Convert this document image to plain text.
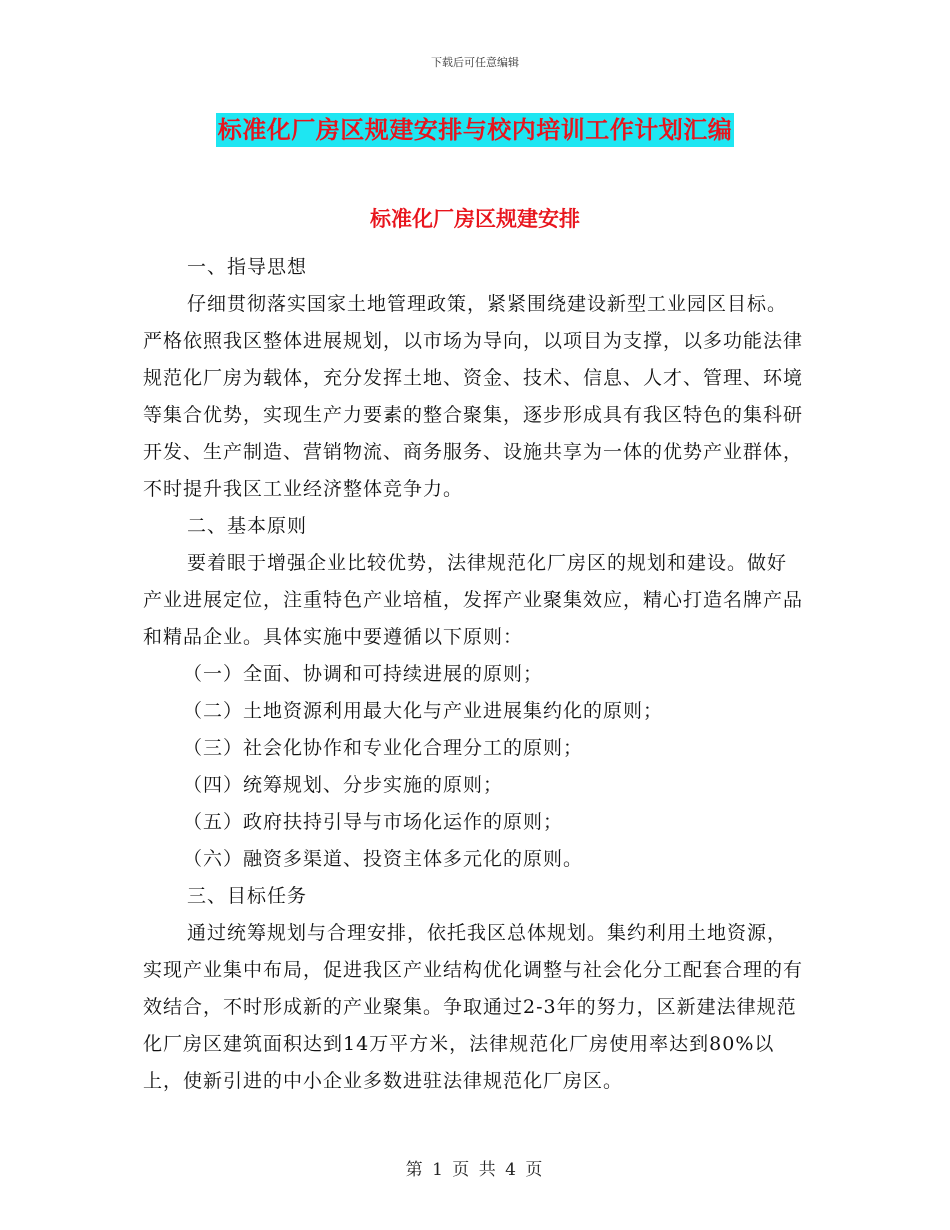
下载后可任意编辑
标准化厂房区规建安排与校内培训工作计划汇编
标准化厂房区规建安排

一、指导思想

仔细贯彻落实国家土地管理政策，紧紧围绕建设新型工业园区目标。严格依照我区整体进展规划，以市场为导向，以项目为支撑，以多功能法律规范化厂房为载体，充分发挥土地、资金、技术、信息、人才、管理、环境等集合优势，实现生产力要素的整合聚集，逐步形成具有我区特色的集科研开发、生产制造、营销物流、商务服务、设施共享为一体的优势产业群体，不时提升我区工业经济整体竞争力。

二、基本原则

要着眼于增强企业比较优势，法律规范化厂房区的规划和建设。做好产业进展定位，注重特色产业培植，发挥产业聚集效应，精心打造名牌产品和精品企业。具体实施中要遵循以下原则：

（一）全面、协调和可持续进展的原则；

（二）土地资源利用最大化与产业进展集约化的原则；

（三）社会化协作和专业化合理分工的原则；

（四）统筹规划、分步实施的原则；

（五）政府扶持引导与市场化运作的原则；

（六）融资多渠道、投资主体多元化的原则。

三、目标任务

通过统筹规划与合理安排，依托我区总体规划。集约利用土地资源，实现产业集中布局，促进我区产业结构优化调整与社会化分工配套合理的有效结合，不时形成新的产业聚集。争取通过2-3年的努力，区新建法律规范化厂房区建筑面积达到14万平方米，法律规范化厂房使用率达到80%以上，使新引进的中小企业多数进驻法律规范化厂房区。

第 1 页 共 4 页
